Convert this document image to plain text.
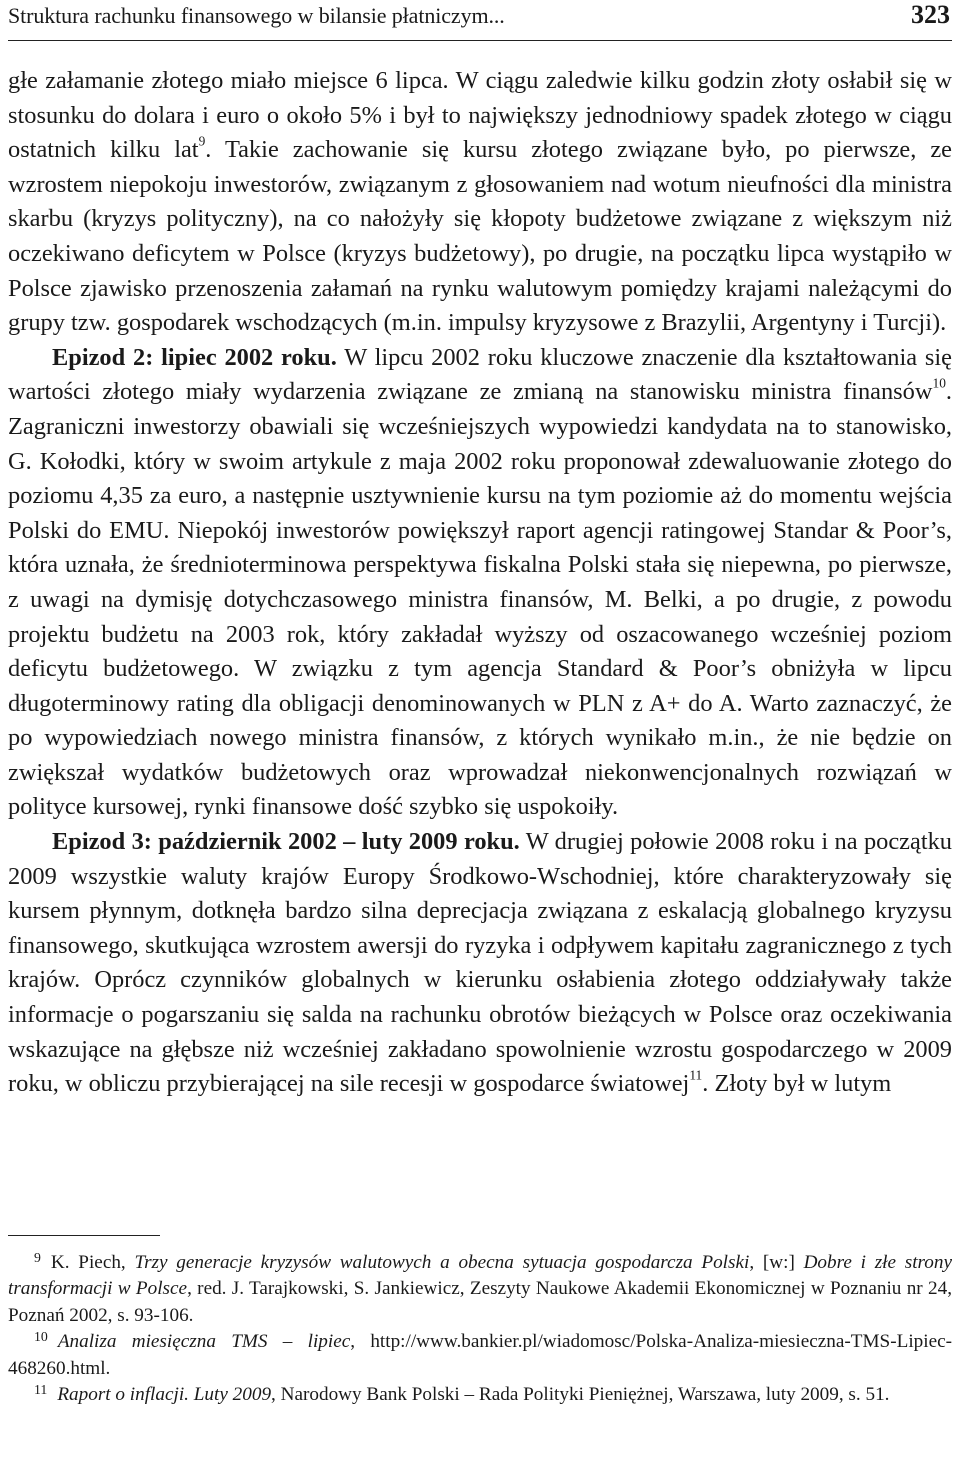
Struktura rachunku finansowego w bilansie płatniczym...	323

głe załamanie złotego miało miejsce 6 lipca. W ciągu zaledwie kilku godzin złoty osłabił się w stosunku do dolara i euro o około 5% i był to największy jednodniowy spadek złotego w ciągu ostatnich kilku lat$^9$. Takie zachowanie się kursu złotego związane było, po pierwsze, ze wzrostem niepokoju inwestorów, związanym z głosowaniem nad wotum nieufności dla ministra skarbu (kryzys polityczny), na co nałożyły się kłopoty budżetowe związane z większym niż oczekiwano deficytem w Polsce (kryzys budżetowy), po drugie, na początku lipca wystąpiło w Polsce zjawisko przenoszenia załamań na rynku walutowym pomiędzy krajami należącymi do grupy tzw. gospodarek wschodzących (m.in. impulsy kryzysowe z Brazylii, Argentyny i Turcji).

Epizod 2: lipiec 2002 roku. W lipcu 2002 roku kluczowe znaczenie dla kształtowania się wartości złotego miały wydarzenia związane ze zmianą na stanowisku ministra finansów$^{10}$. Zagraniczni inwestorzy obawiali się wcześniejszych wypowiedzi kandydata na to stanowisko, G. Kołodki, który w swoim artykule z maja 2002 roku proponował zdewaluowanie złotego do poziomu 4,35 za euro, a następnie usztywnienie kursu na tym poziomie aż do momentu wejścia Polski do EMU. Niepokój inwestorów powiększył raport agencji ratingowej Standar & Poor’s, która uznała, że średnioterminowa perspektywa fiskalna Polski stała się niepewna, po pierwsze, z uwagi na dymisję dotychczasowego ministra finansów, M. Belki, a po drugie, z powodu projektu budżetu na 2003 rok, który zakładał wyższy od oszacowanego wcześniej poziom deficytu budżetowego. W związku z tym agencja Standard & Poor’s obniżyła w lipcu długoterminowy rating dla obligacji denominowanych w PLN z A+ do A. Warto zaznaczyć, że po wypowiedziach nowego ministra finansów, z których wynikało m.in., że nie będzie on zwiększał wydatków budżetowych oraz wprowadzał niekonwencjonalnych rozwiązań w polityce kursowej, rynki finansowe dość szybko się uspokoiły.

Epizod 3: październik 2002 – luty 2009 roku. W drugiej połowie 2008 roku i na początku 2009 wszystkie waluty krajów Europy Środkowo-Wschodniej, które charakteryzowały się kursem płynnym, dotknęła bardzo silna deprecjacja związana z eskalacją globalnego kryzysu finansowego, skutkująca wzrostem awersji do ryzyka i odpływem kapitału zagranicznego z tych krajów. Oprócz czynników globalnych w kierunku osłabienia złotego oddziaływały także informacje o pogarszaniu się salda na rachunku obrotów bieżących w Polsce oraz oczekiwania wskazujące na głębsze niż wcześniej zakładano spowolnienie wzrostu gospodarczego w 2009 roku, w obliczu przybierającej na sile recesji w gospodarce światowej$^{11}$. Złoty był w lutym

$^9$ K. Piech, Trzy generacje kryzysów walutowych a obecna sytuacja gospodarcza Polski, [w:] Dobre i złe strony transformacji w Polsce, red. J. Tarajkowski, S. Jankiewicz, Zeszyty Naukowe Akademii Ekonomicznej w Poznaniu nr 24, Poznań 2002, s. 93-106.

$^{10}$ Analiza miesięczna TMS – lipiec, http://www.bankier.pl/wiadomosc/Polska-Analiza-miesieczna-TMS-Lipiec-468260.html.

$^{11}$ Raport o inflacji. Luty 2009, Narodowy Bank Polski – Rada Polityki Pieniężnej, Warszawa, luty 2009, s. 51.
